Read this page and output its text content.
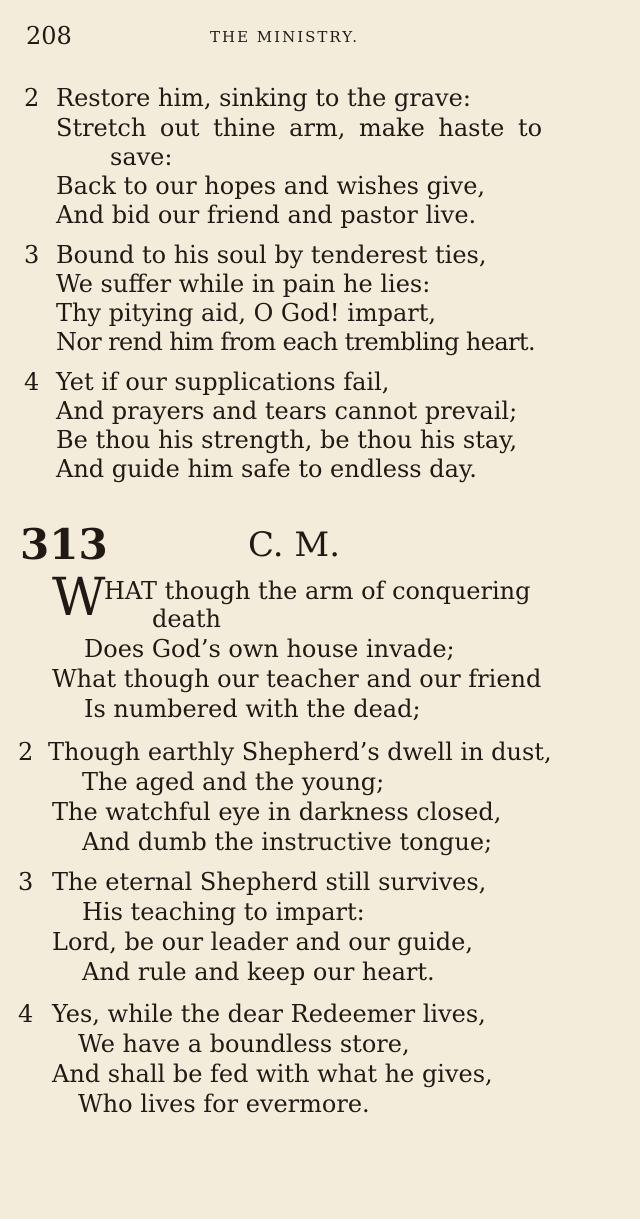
208	THE MINISTRY.
2 Restore him, sinking to the grave:
Stretch out thine arm, make haste to
save:
Back to our hopes and wishes give,
And bid our friend and pastor live.
3 Bound to his soul by tenderest ties,
We suffer while in pain he lies:
Thy pitying aid, O God! impart,
Nor rend him from each trembling heart.
4 Yet if our supplications fail,
And prayers and tears cannot prevail;
Be thou his strength, be thou his stay,
And guide him safe to endless day.
313	C. M.
W
HAT though the arm of conquering
death
Does God’s own house invade;
What though our teacher and our friend
Is numbered with the dead;
2 Though earthly Shepherd’s dwell in dust,
The aged and the young;
The watchful eye in darkness closed,
And dumb the instructive tongue;
3 The eternal Shepherd still survives,
His teaching to impart:
Lord, be our leader and our guide,
And rule and keep our heart.
4 Yes, while the dear Redeemer lives,
We have a boundless store,
And shall be fed with what he gives,
Who lives for evermore.
